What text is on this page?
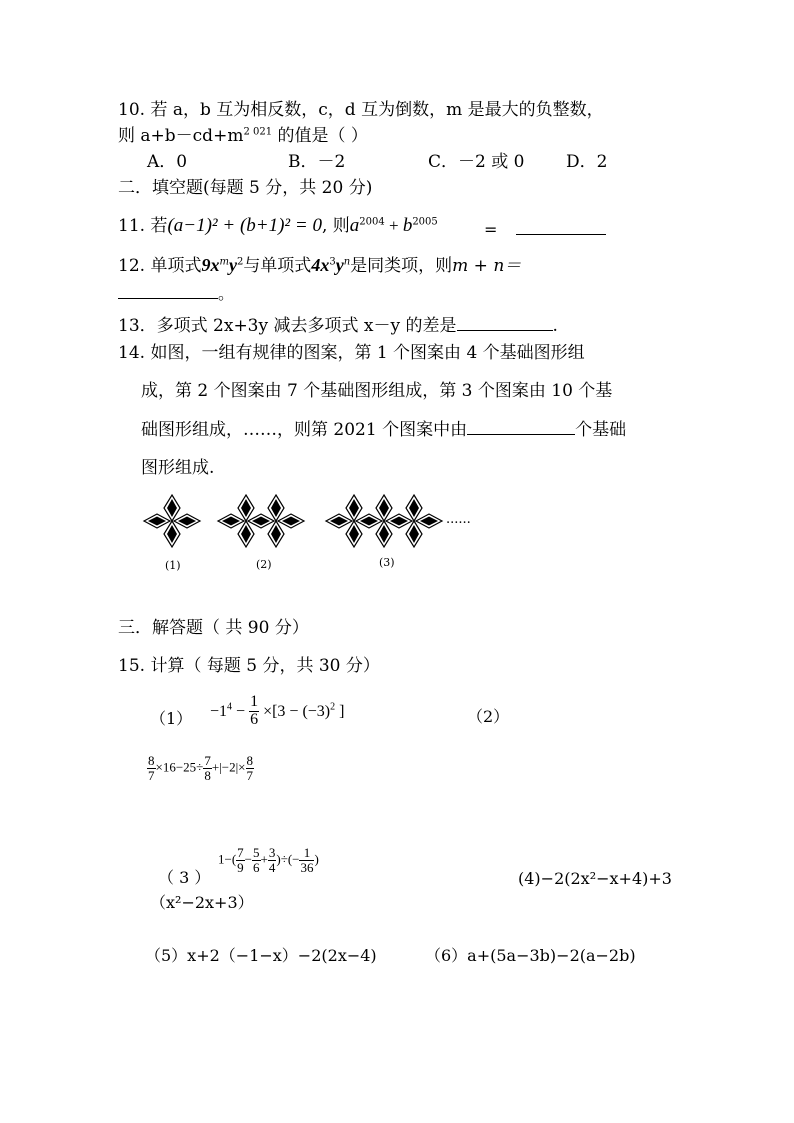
10. 若 a，b 互为相反数，c，d 互为倒数，m 是最大的负整数，
则 $a+b-cd+m^{2 021}$ 的值是（ ）
A．0	B．－2	C．－2 或 0 D．2
二．填空题(每题 5 分，共 20 分)
11. 若(a−1)² + (b+1)² = 0, 则$a^{2004} + b^{2005}$	=
12. 单项式$9x^my^2$与单项式$4x^3y^n$是同类项，则m + n＝
。
13．多项式 2x+3y 减去多项式 x－y 的差是	.
14. 如图，一组有规律的图案，第 1 个图案由 4 个基础图形组
成，第 2 个图案由 7 个基础图形组成，第 3 个图案由 10 个基
础图形组成，……，则第 2021 个图案中由	个基础
图形组成.
......
(1)	(2)	(3)
三．解答题（ 共 90 分）
15. 计算（ 每题 5 分，共 30 分）
$(1) -1^4 - \frac{1}{6} \times[3 - (-3)^2$ ]	（2）
$\frac{8}{7} \times 16-25\div \frac{7}{8} +|-2|\times \frac{8}{7}$
（ 3 ）
$1-( \frac{7}{9} - \frac{5}{6} + \frac{3}{4}$ )÷(− $\frac{1}{36}$ )
（x²−2x+3）
(4)−2(2x²−x+4)+3
（5）x+2（−1−x）−2(2x−4)	（6）a+(5a−3b)−2(a−2b)
